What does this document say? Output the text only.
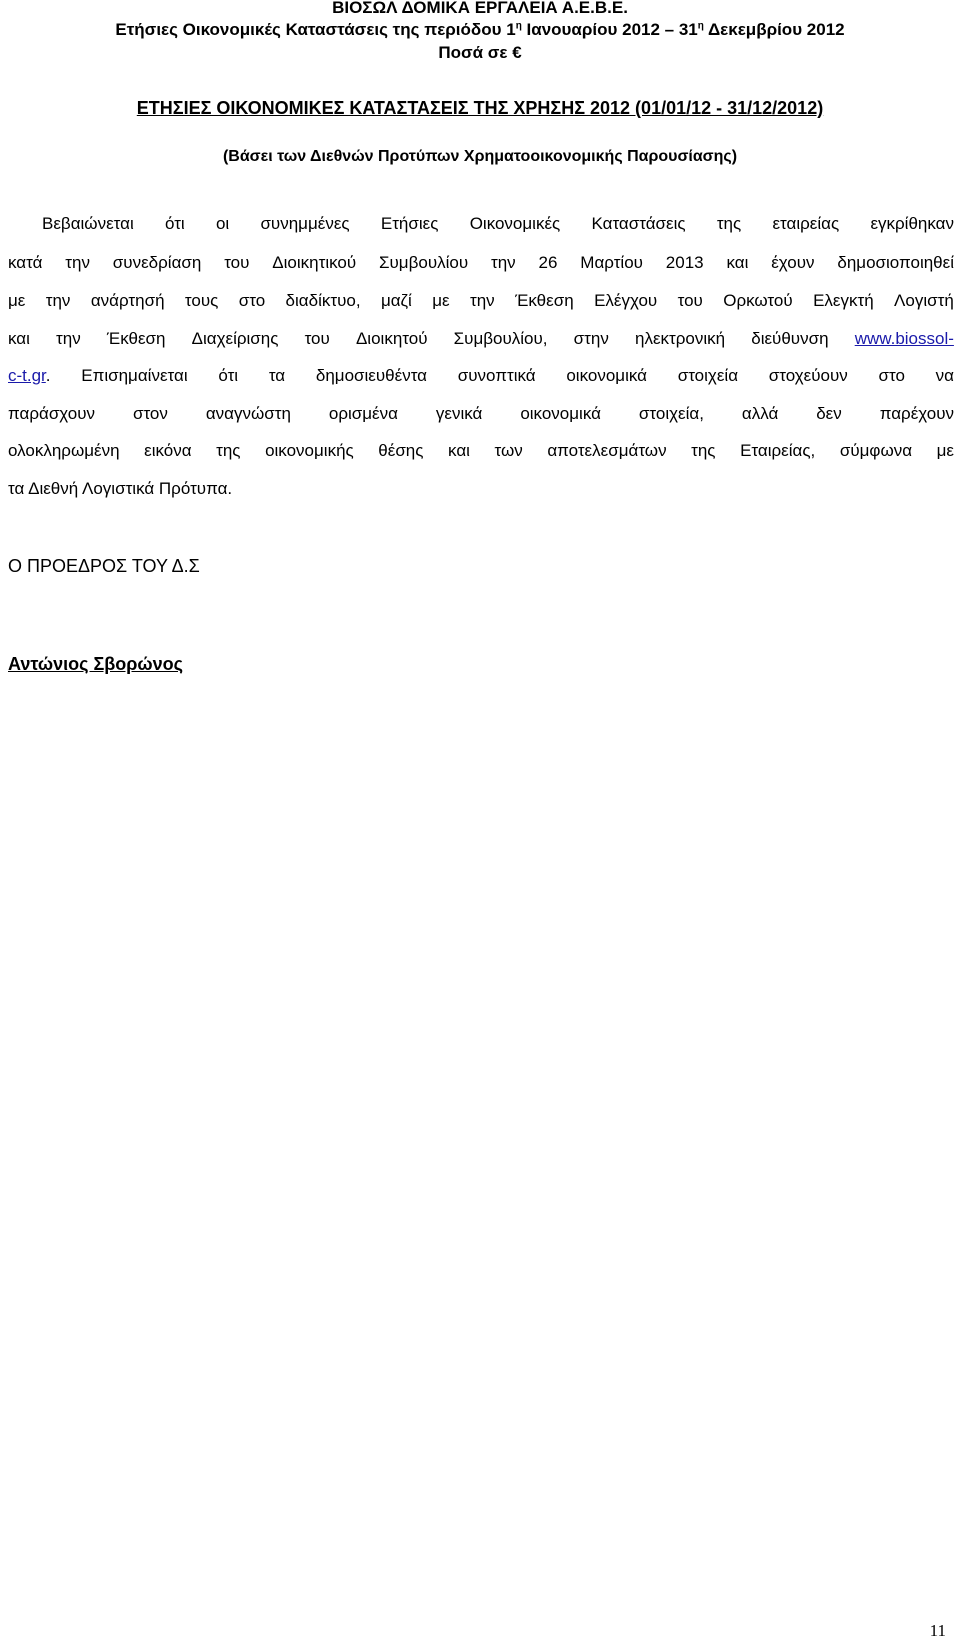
ΒΙΟΣΩΛ ΔΟΜΙΚΑ ΕΡΓΑΛΕΙΑ Α.Ε.Β.Ε.
Ετήσιες Οικονομικές Καταστάσεις της περιόδου $1^\eta$ Ιανουαρίου $2012 - 31^\eta$ Δεκεμβρίου 2012
Ποσά σε €
ΕΤΗΣΙΕΣ ΟΙΚΟΝΟΜΙΚΕΣ ΚΑΤΑΣΤΑΣΕΙΣ ΤΗΣ ΧΡΗΣΗΣ 2012 (01/01/12 - 31/12/2012)
(Βάσει των Διεθνών Προτύπων Χρηματοοικονομικής Παρουσίασης)
Βεβαιώνεται ότι οι συνημμένες Ετήσιες Οικονομικές Καταστάσεις της εταιρείας εγκρίθηκαν
κατά την συνεδρίαση του Διοικητικού Συμβουλίου την 26 Μαρτίου 2013 και έχουν δημοσιοποιηθεί
με την ανάρτησή τους στο διαδίκτυο, μαζί με την Έκθεση Ελέγχου του Ορκωτού Ελεγκτή Λογιστή
και την Έκθεση Διαχείρισης του Διοικητού Συμβουλίου, στην ηλεκτρονική διεύθυνση www.biossol-
c-t.gr. Επισημαίνεται ότι τα δημοσιευθέντα συνοπτικά οικονομικά στοιχεία στοχεύουν στο να
παράσχουν στον αναγνώστη ορισμένα γενικά οικονομικά στοιχεία, αλλά δεν παρέχουν
ολοκληρωμένη εικόνα της οικονομικής θέσης και των αποτελεσμάτων της Εταιρείας, σύμφωνα με
τα Διεθνή Λογιστικά Πρότυπα.
Ο ΠΡΟΕΔΡΟΣ ΤΟΥ Δ.Σ
Αντώνιος Σβορώνος
11
